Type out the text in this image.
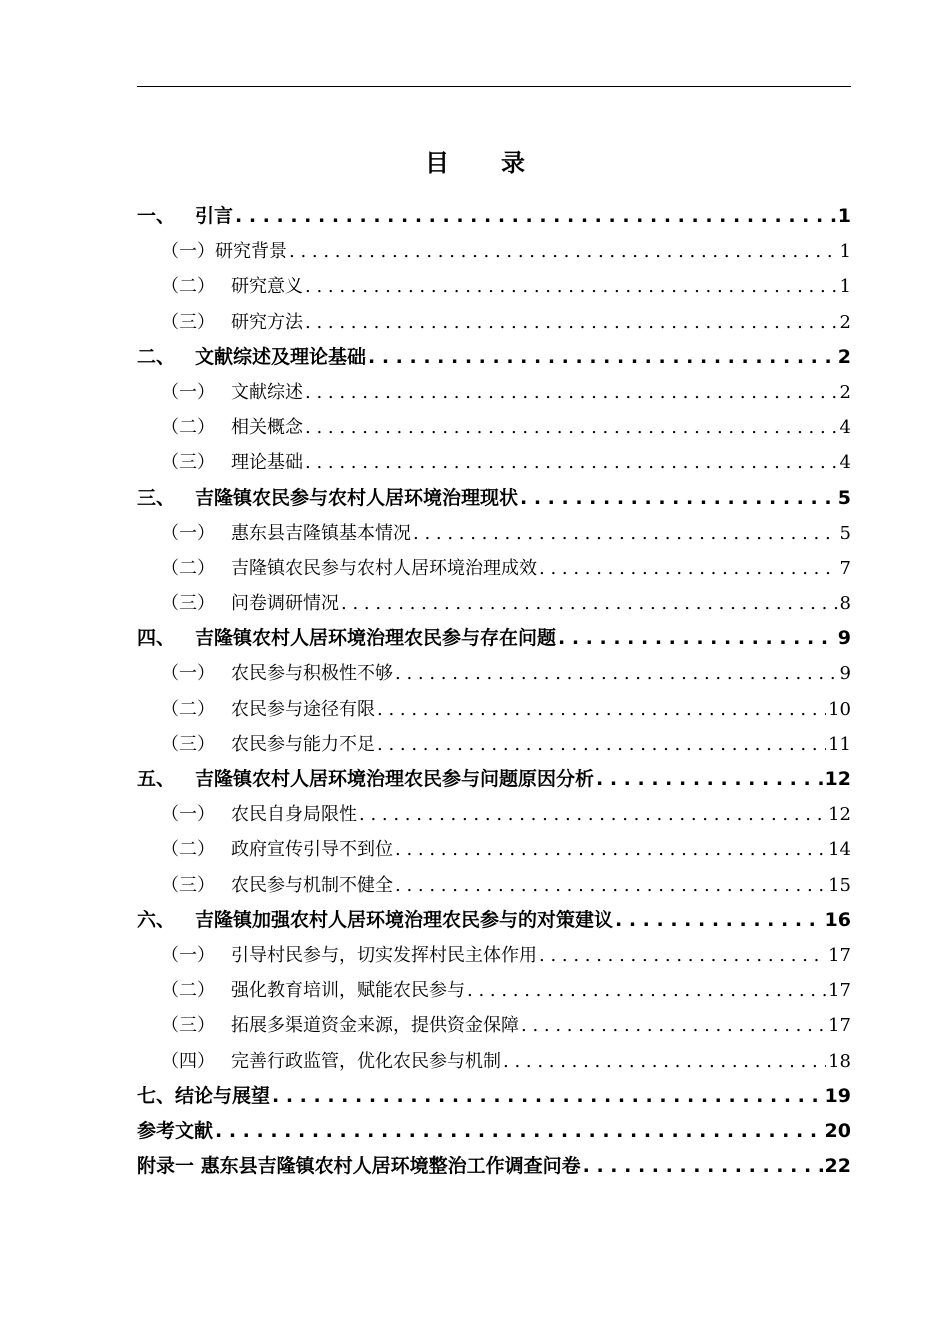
目 录
一、	引言 . . .	1
（一） 研究背景 . . .	1
（二） 研究意义 . . .	1
（三） 研究方法 . . .	2
二、	文献综述及理论基础 . . .	2
（一） 文献综述 . . .	2
（二） 相关概念 . . .	4
（三） 理论基础 . . .	4
三、	吉隆镇农民参与农村人居环境治理现状 . . .	5
（一） 惠东县吉隆镇基本情况 . . .	5
（二） 吉隆镇农民参与农村人居环境治理成效 . . .	7
（三） 问卷调研情况 . . .	8
四、	吉隆镇农村人居环境治理农民参与存在问题 . . .	9
（一） 农民参与积极性不够 . . .	9
（二） 农民参与途径有限 . . .	10
（三） 农民参与能力不足 . . .	11
五、	吉隆镇农村人居环境治理农民参与问题原因分析 . . .	12
（一） 农民自身局限性 . . .	12
（二） 政府宣传引导不到位 . . .	14
（三） 农民参与机制不健全 . . .	15
六、	吉隆镇加强农村人居环境治理农民参与的对策建议 . . .	16
（一） 引导村民参与，切实发挥村民主体作用 . . .	17
（二） 强化教育培训，赋能农民参与 . . .	17
（三） 拓展多渠道资金来源，提供资金保障 . . .	17
（四） 完善行政监管，优化农民参与机制 . . .	18
七、结论与展望 . . .	19
参考文献 . . .	20
附录一 惠东县吉隆镇农村人居环境整治工作调查问卷 . . .	22
